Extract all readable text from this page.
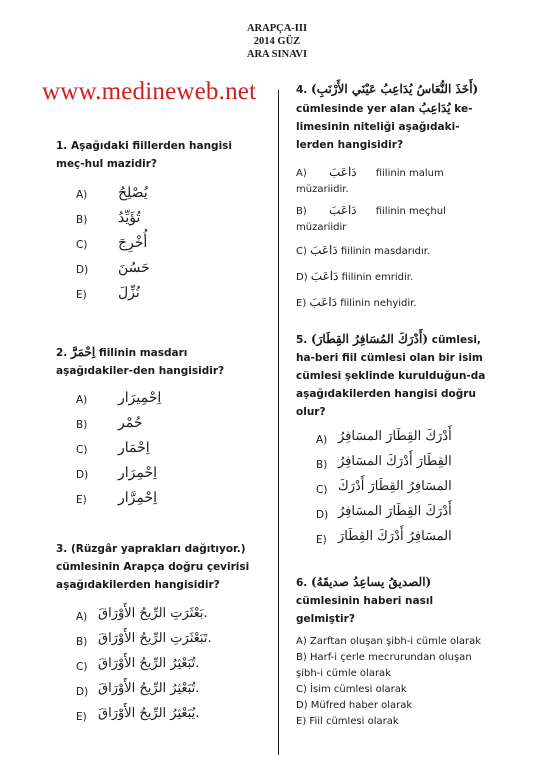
ARAPÇA-III
2014 GÜZ
ARA SINAVI
www.medineweb.net
1. Aşağıdaki fiillerden hangisi meç-hul mazidir?
A) يُصْلِحُ
B) تُؤَيِّدُ
C) أُخْرِجَ
D) حَسُنَ
E) نُزِّلَ
2. اِحْمَرَّ fiilinin masdarı aşağıdakiler-den hangisidir?
A) اِحْمِيرَار
B) حُمْر
C) اِحْمَار
D) اِحْمِرَار
E) اِحْمِرَّار
3. (Rüzgâr yaprakları dağıtıyor.) cümlesinin Arapça doğru çevirisi aşağıdakilerden hangisidir?
A) بَعْثَرَتِ الرِّيحُ الأَوْرَاقَ.
B) تَبَعْثَرَتِ الرِّيحُ الأَوْرَاقَ.
C) تُبَعْثِرُ الرِّيحُ الأَوْرَاقَ.
D) تُبَعْثِرُ الرِّيحُ الأَوْرَاقَ.
E) يُبَعْثِرُ الرِّيحُ الأَوْرَاقَ.
4. (أَخَذَ النُّعَاسُ يُدَاعِبُ عَيْنَي الأَرْنَبِ) cümlesinde yer alan يُدَاعِبُ ke-limesinin niteliği aşağıdaki-lerden hangisidir?

A) دَاعَبَ fiilinin malum müzariidir.

B) دَاعَبَ fiilinin meçhul müzariidir

C) دَاعَبَ fiilinin masdarıdır.

D) دَاعَبَ fiilinin emridir.

E) دَاعَبَ fiilinin nehyidir.

5. (أَدْرَكَ المُسَافِرُ القِطَارَ) cümlesi, ha-beri fiil cümlesi olan bir isim cümlesi şeklinde kurulduğun-da aşağıdakilerden hangisi doğru olur?
A) أَدْرَكَ القِطَارَ المسَافِرُ
B) القِطَارَ أَدْرَكَ المسَافِرُ
C) المسَافِرُ القِطَارَ أَدْرَكَ
D) أَدْرَكَ القِطَارَ المسَافِرُ
E) المسَافِرُ أَدْرَكَ القِطَارَ
6. (الصديقُ يساعِدُ صديقَهُ) cümlesinin haberi nasıl gelmiştir?

A) Zarftan oluşan şibh-i cümle olarak

B) Harf-i çerle mecrurundan oluşan şibh-i cümle olarak

C) İsim cümlesi olarak

D) Müfred haber olarak

E) Fiil cümlesi olarak
